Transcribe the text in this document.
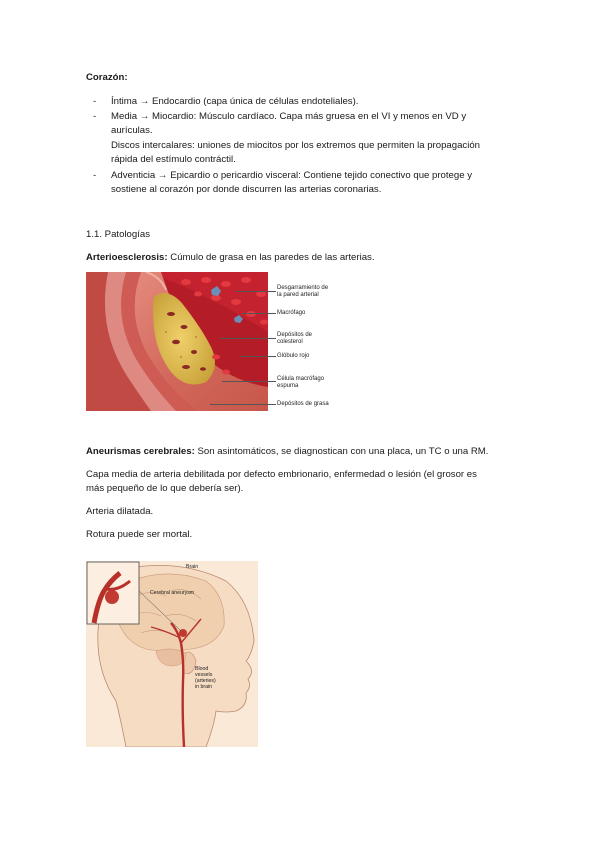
Corazón:
- Íntima → Endocardio (capa única de células endoteliales).
- Media → Miocardio: Músculo cardíaco. Capa más gruesa en el VI y menos en VD y
aurículas.
Discos intercalares: uniones de miocitos por los extremos que permiten la propagación
rápida del estímulo contráctil.
- Adventicia → Epicardio o pericardio visceral: Contiene tejido conectivo que protege y
sostiene al corazón por donde discurren las arterias coronarias.
1.1. Patologías
Arterioesclerosis: Cúmulo de grasa en las paredes de las arterias.
Desgarramiento de
la pared arterial
Macrófago
Depósitos de
colesterol
Glóbulo rojo
Célula macrófago
espuma
Depósitos de grasa
Aneurismas cerebrales: Son asintomáticos, se diagnostican con una placa, un TC o una RM.
Capa media de arteria debilitada por defecto embrionario, enfermedad o lesión (el grosor es
más pequeño de lo que debería ser).
Arteria dilatada.
Rotura puede ser mortal.
Brain
Cerebral aneurysm
Blood
vessels
(arteries)
in brain
